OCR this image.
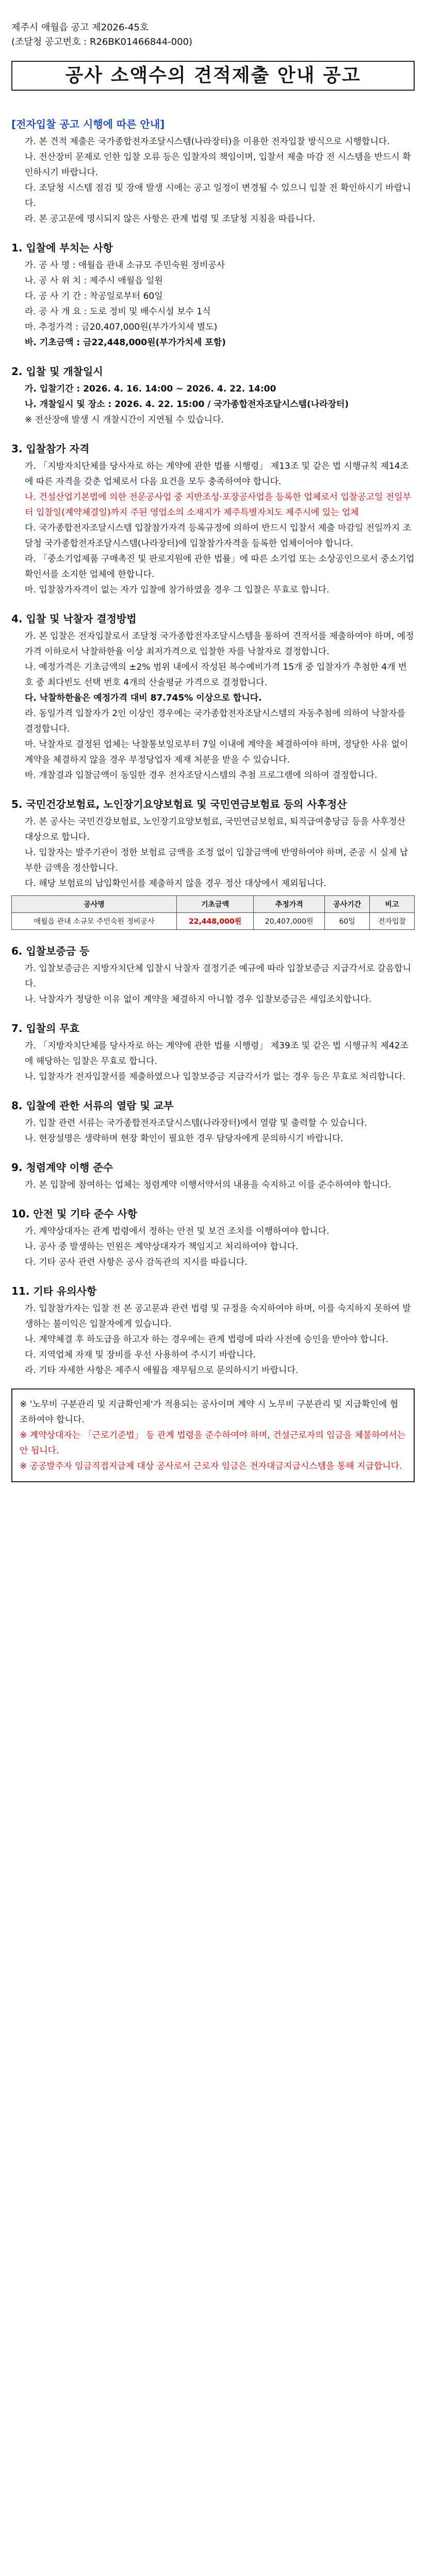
제주시 애월읍 공고 제2026-45호
(조달청 공고번호 : R26BK01466844-000)
공사 소액수의 견적제출 안내 공고
[전자입찰 공고 시행에 따른 안내]
가. 본 견적 제출은 국가종합전자조달시스템(나라장터)을 이용한 전자입찰 방식으로 시행합니다.
나. 전산장비 문제로 인한 입찰 오류 등은 입찰자의 책임이며, 입찰서 제출 마감 전 시스템을 반드시 확인하시기 바랍니다.
다. 조달청 시스템 점검 및 장애 발생 시에는 공고 일정이 변경될 수 있으니 입찰 전 확인하시기 바랍니다.
라. 본 공고문에 명시되지 않은 사항은 관계 법령 및 조달청 지침을 따릅니다.
1. 입찰에 부치는 사항
가. 공 사 명 : 애월읍 관내 소규모 주민숙원 정비공사
나. 공 사 위 치 : 제주시 애월읍 일원
다. 공 사 기 간 : 착공일로부터 60일
라. 공 사 개 요 : 도로 정비 및 배수시설 보수 1식
마. 추정가격 : 금20,407,000원(부가가치세 별도)
바. 기초금액 : 금22,448,000원(부가가치세 포함)
2. 입찰 및 개찰일시
가. 입찰기간 : 2026. 4. 16. 14:00 ~ 2026. 4. 22. 14:00
나. 개찰일시 및 장소 : 2026. 4. 22. 15:00 / 국가종합전자조달시스템(나라장터)
※ 전산장애 발생 시 개찰시간이 지연될 수 있습니다.
3. 입찰참가 자격
가. 「지방자치단체를 당사자로 하는 계약에 관한 법률 시행령」 제13조 및 같은 법 시행규칙 제14조에 따른 자격을 갖춘 업체로서 다음 요건을 모두 충족하여야 합니다.
나. 건설산업기본법에 의한 전문공사업 중 지반조성·포장공사업을 등록한 업체로서 입찰공고일 전일부터 입찰일(계약체결일)까지 주된 영업소의 소재지가 제주특별자치도 제주시에 있는 업체
다. 국가종합전자조달시스템 입찰참가자격 등록규정에 의하여 반드시 입찰서 제출 마감일 전일까지 조달청 국가종합전자조달시스템(나라장터)에 입찰참가자격을 등록한 업체이어야 합니다.
라. 「중소기업제품 구매촉진 및 판로지원에 관한 법률」에 따른 소기업 또는 소상공인으로서 중소기업확인서를 소지한 업체에 한합니다.
마. 입찰참가자격이 없는 자가 입찰에 참가하였을 경우 그 입찰은 무효로 합니다.
4. 입찰 및 낙찰자 결정방법
가. 본 입찰은 전자입찰로서 조달청 국가종합전자조달시스템을 통하여 견적서를 제출하여야 하며, 예정가격 이하로서 낙찰하한율 이상 최저가격으로 입찰한 자를 낙찰자로 결정합니다.
나. 예정가격은 기초금액의 ±2% 범위 내에서 작성된 복수예비가격 15개 중 입찰자가 추첨한 4개 번호 중 최다빈도 선택 번호 4개의 산술평균 가격으로 결정합니다.
다. 낙찰하한율은 예정가격 대비 87.745% 이상으로 합니다.
라. 동일가격 입찰자가 2인 이상인 경우에는 국가종합전자조달시스템의 자동추첨에 의하여 낙찰자를 결정합니다.
마. 낙찰자로 결정된 업체는 낙찰통보일로부터 7일 이내에 계약을 체결하여야 하며, 정당한 사유 없이 계약을 체결하지 않을 경우 부정당업자 제재 처분을 받을 수 있습니다.
바. 개찰결과 입찰금액이 동일한 경우 전자조달시스템의 추첨 프로그램에 의하여 결정합니다.
5. 국민건강보험료, 노인장기요양보험료 및 국민연금보험료 등의 사후정산
가. 본 공사는 국민건강보험료, 노인장기요양보험료, 국민연금보험료, 퇴직급여충당금 등을 사후정산 대상으로 합니다.
나. 입찰자는 발주기관이 정한 보험료 금액을 조정 없이 입찰금액에 반영하여야 하며, 준공 시 실제 납부한 금액을 정산합니다.
다. 해당 보험료의 납입확인서를 제출하지 않을 경우 정산 대상에서 제외됩니다.
공사명	기초금액	추정가격	공사기간	비고
애월읍 관내 소규모 주민숙원 정비공사	22,448,000원	20,407,000원	60일	전자입찰
6. 입찰보증금 등
가. 입찰보증금은 지방자치단체 입찰시 낙찰자 결정기준 예규에 따라 입찰보증금 지급각서로 갈음합니다.
나. 낙찰자가 정당한 이유 없이 계약을 체결하지 아니할 경우 입찰보증금은 세입조치합니다.
7. 입찰의 무효
가. 「지방자치단체를 당사자로 하는 계약에 관한 법률 시행령」 제39조 및 같은 법 시행규칙 제42조에 해당하는 입찰은 무효로 합니다.
나. 입찰자가 전자입찰서를 제출하였으나 입찰보증금 지급각서가 없는 경우 등은 무효로 처리합니다.
8. 입찰에 관한 서류의 열람 및 교부
가. 입찰 관련 서류는 국가종합전자조달시스템(나라장터)에서 열람 및 출력할 수 있습니다.
나. 현장설명은 생략하며 현장 확인이 필요한 경우 담당자에게 문의하시기 바랍니다.
9. 청렴계약 이행 준수
가. 본 입찰에 참여하는 업체는 청렴계약 이행서약서의 내용을 숙지하고 이를 준수하여야 합니다.
10. 안전 및 기타 준수 사항
가. 계약상대자는 관계 법령에서 정하는 안전 및 보건 조치를 이행하여야 합니다.
나. 공사 중 발생하는 민원은 계약상대자가 책임지고 처리하여야 합니다.
다. 기타 공사 관련 사항은 공사 감독관의 지시를 따릅니다.
11. 기타 유의사항
가. 입찰참가자는 입찰 전 본 공고문과 관련 법령 및 규정을 숙지하여야 하며, 이를 숙지하지 못하여 발생하는 불이익은 입찰자에게 있습니다.
나. 계약체결 후 하도급을 하고자 하는 경우에는 관계 법령에 따라 사전에 승인을 받아야 합니다.
다. 지역업체 자재 및 장비를 우선 사용하여 주시기 바랍니다.
라. 기타 자세한 사항은 제주시 애월읍 재무팀으로 문의하시기 바랍니다.
※ '노무비 구분관리 및 지급확인제'가 적용되는 공사이며 계약 시 노무비 구분관리 및 지급확인에 협조하여야 합니다.
※ 계약상대자는 「근로기준법」 등 관계 법령을 준수하여야 하며, 건설근로자의 임금을 체불하여서는 안 됩니다.
※ 공공발주자 임금직접지급제 대상 공사로서 근로자 임금은 전자대금지급시스템을 통해 지급합니다.
